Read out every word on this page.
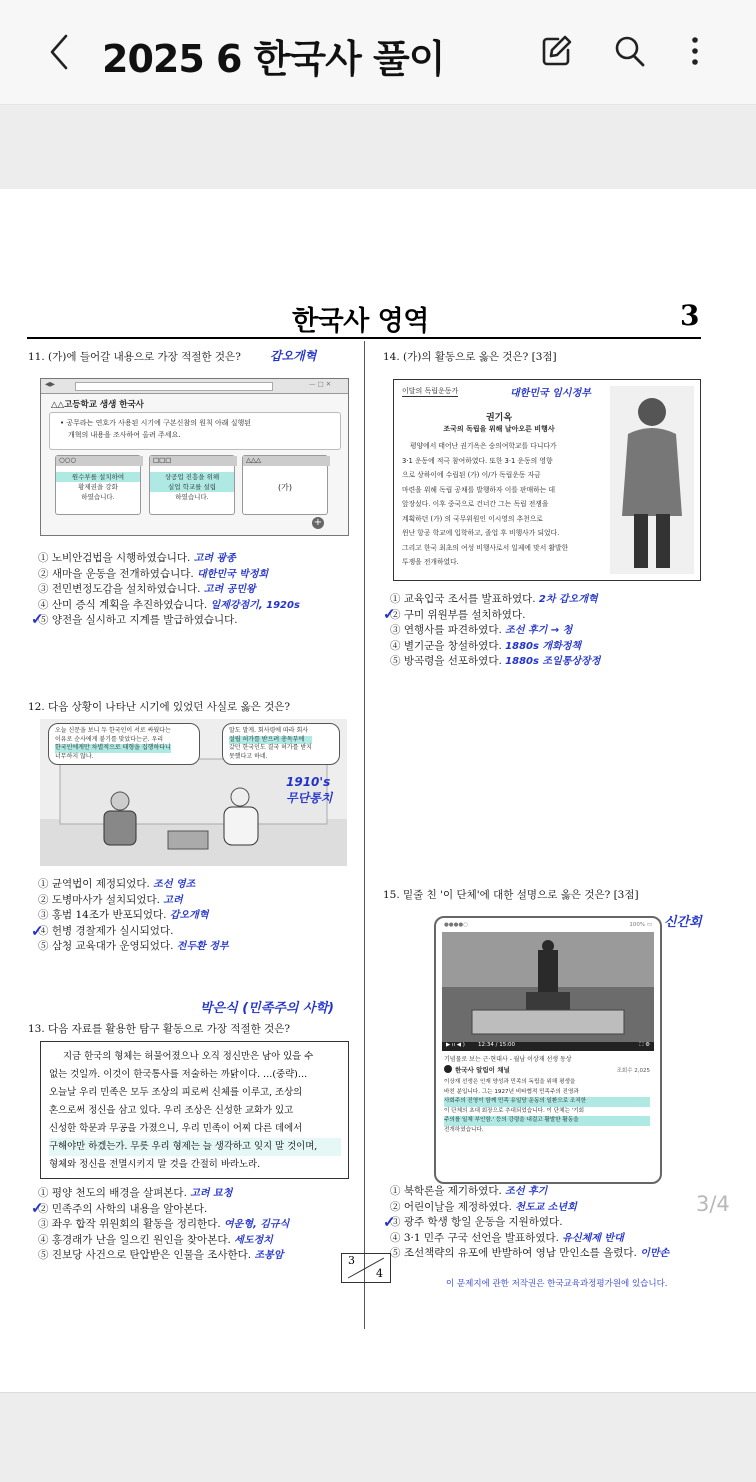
2025 6 한국사 풀이
한국사 영역	3
11. (가)에 들어갈 내용으로 가장 적절한 것은? 갑오개혁
◀▶	— □ ✕
△△고등학교 생생 한국사
• 공무라는 연호가 사용된 시기에 구본신참의 원칙 아래 실행된
개혁의 내용을 조사하여 올려 주세요.
○○○
원수부를 설치하여
황제권을 강화
하였습니다.
□□□
상공업 진흥을 위해
실업 학교를 설립
하였습니다.
△△△
(가)
+
① 노비안검법을 시행하였습니다. 고려 광종
② 새마을 운동을 전개하였습니다. 대한민국 박정희
③ 전민변정도감을 설치하였습니다. 고려 공민왕
④ 산미 증식 계획을 추진하였습니다. 일제강점기, 1920s
⑤ 양전을 실시하고 지계를 발급하였습니다.
✓
12. 다음 상황이 나타난 시기에 있었던 사실로 옳은 것은?
오늘 신문을 보니 두 한국인이 서로 싸웠다는
이유로 순사에게 붙기를 맞았다는군. 우리
한국인에게만 차별적으로 태형을 집행하다니
너무하지 않나.
말도 말게. 회사령에 따라 회사
설립 허가를 받으려 총독부에
갔던 한국인도 결국 허가를 받지
못했다고 하네.
1910's
무단통치
① 균역법이 제정되었다. 조선 영조
② 도병마사가 설치되었다. 고려
③ 홍범 14조가 반포되었다. 갑오개혁
④ 헌병 경찰제가 실시되었다.
⑤ 삼청 교육대가 운영되었다. 전두환 정부
✓
박은식 (민족주의 사학)
13. 다음 자료를 활용한 탐구 활동으로 가장 적절한 것은?
지금 한국의 형체는 허물어졌으나 오직 정신만은 남아 있을 수
없는 것일까. 이것이 한국통사를 저술하는 까닭이다. …(중략)…
오늘날 우리 민족은 모두 조상의 피로써 신체를 이루고, 조상의
혼으로써 정신을 삼고 있다. 우리 조상은 신성한 교화가 있고
신성한 학문과 무공을 가졌으니, 우리 민족이 어찌 다른 데에서
구해야만 하겠는가. 무릇 우리 형제는 늘 생각하고 잊지 말 것이며,
형체와 정신을 전멸시키지 말 것을 간절히 바라노라.
① 평양 천도의 배경을 살펴본다. 고려 묘청
② 민족주의 사학의 내용을 알아본다.
③ 좌우 합작 위원회의 활동을 정리한다. 여운형, 김규식
④ 홍경래가 난을 일으킨 원인을 찾아본다. 세도정치
⑤ 진보당 사건으로 탄압받은 인물을 조사한다. 조봉암
✓
14. (가)의 활동으로 옳은 것은? [3점]
이달의 독립운동가	대한민국 임시정부
권기옥
조국의 독립을 위해 날아오른 비행사
평양에서 태어난 권기옥은 숭의여학교를 다니다가
3·1 운동에 적극 참여하였다. 또한 3·1 운동의 영향
으로 상하이에 수립된 (가) 이/가 독립운동 자금
마련을 위해 독립 공채를 발행하자 이를 판매하는 데
앞장섰다. 이후 중국으로 건너간 그는 독립 전쟁을
계획하던 (가) 의 국무위원인 이시영의 추천으로
윈난 항공 학교에 입학하고, 졸업 후 비행사가 되었다.
그리고 한국 최초의 여성 비행사로서 일제에 맞서 활발한
투쟁을 전개하였다.
① 교육입국 조서를 발표하였다. 2차 갑오개혁
② 구미 위원부를 설치하였다.
③ 연행사를 파견하였다. 조선 후기 → 청
④ 별기군을 창설하였다. 1880s 개화정책
⑤ 방곡령을 선포하였다. 1880s 조일통상장정
✓
15. 밑줄 친 '이 단체'에 대한 설명으로 옳은 것은? [3점]
신간회
●●●●○	100% ▭
▶ ıı ◀ ) 12:34 / 15:00	⛶ ⚙
기념물로 보는 근·현대사 - 월남 이상재 선생 동상
한국사 알림이 채널	조회수 2,025
이상재 선생은 인재 양성과 민족의 독립을 위해 평생을
바친 분입니다. 그는 1927년 비타협적 민족주의 진영과
사회주의 진영이 함께 민족 유일당 운동의 일환으로 조직한
이 단체의 초대 회장으로 추대되었습니다. 이 단체는 '기회
주의를 일체 부인함.' 등의 강령을 내걸고 활발한 활동을
전개하였습니다.
① 북학론을 제기하였다. 조선 후기
② 어린이날을 제정하였다. 천도교 소년회
③ 광주 학생 항일 운동을 지원하였다.
④ 3·1 민주 구국 선언을 발표하였다. 유신체제 반대
⑤ 조선책략의 유포에 반발하여 영남 만인소를 올렸다. 이만손
✓
3
4
이 문제지에 관한 저작권은 한국교육과정평가원에 있습니다.
3/4
